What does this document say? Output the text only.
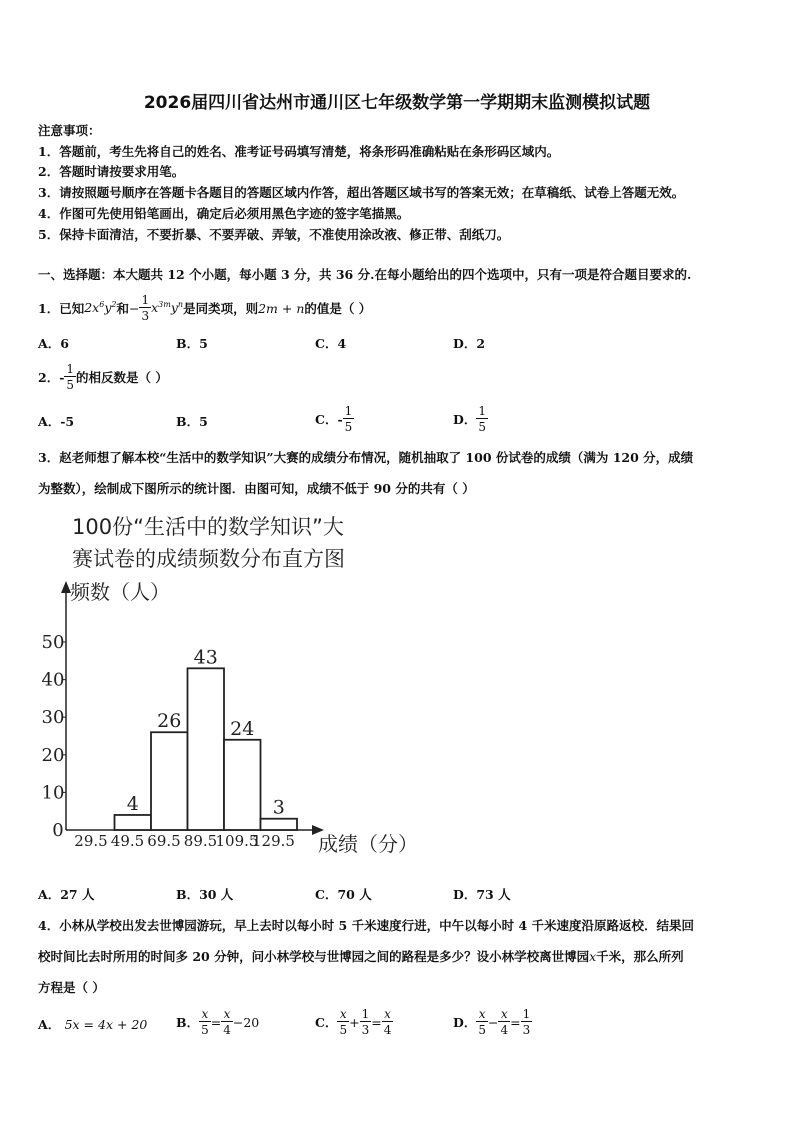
2026届四川省达州市通川区七年级数学第一学期期末监测模拟试题
注意事项：
1．答题前，考生先将自己的姓名、准考证号码填写清楚，将条形码准确粘贴在条形码区域内。
2．答题时请按要求用笔。
3．请按照题号顺序在答题卡各题目的答题区域内作答，超出答题区域书写的答案无效；在草稿纸、试卷上答题无效。
4．作图可先使用铅笔画出，确定后必须用黑色字迹的签字笔描黑。
5．保持卡面清洁，不要折暴、不要弄破、弄皱，不准使用涂改液、修正带、刮纸刀。
一、选择题：本大题共 12 个小题，每小题 3 分，共 36 分.在每小题给出的四个选项中，只有一项是符合题目要求的.
1．已知 $2x^6y^2$ 和 − $\frac{1}{3} x^{3m}y^n$ 是同类项，则 2m + n 的值是（ ）
A．6	B．5	C．4	D．2
2．- $\frac{1}{5}$ 的相反数是（ ）
A．-5	B．5	C．- $\frac{1}{5}$	D． $\frac{1}{5}$
3．赵老师想了解本校“生活中的数学知识”大赛的成绩分布情况，随机抽取了 100 份试卷的成绩（满为 120 分，成绩
为整数），绘制成下图所示的统计图．由图可知，成绩不低于 90 分的共有（ ）
100份“生活中的数学知识”大
赛试卷的成绩频数分布直方图
频数（人）
成绩（分）
0
10
20
30
40
50
29.5 49.5 69.5 89.5
109.5
129.5
4
26
43
24
3
A．27 人	B．30 人	C．70 人	D．73 人
4．小林从学校出发去世博园游玩，早上去时以每小时 5 千米速度行进，中午以每小时 4 千米速度沿原路返校．结果回
校时间比去时所用的时间多 20 分钟，问小林学校与世博园之间的路程是多少？设小林学校离世博园x千米，那么所列
方程是（ ）
A． 5x = 4x + 20 B． $\frac{x}{5} = \frac{x}{4} -20$	C． $\frac{x}{5} + \frac{1}{3} = \frac{x}{4}$	D． $\frac{x}{5} - \frac{x}{4} = \frac{1}{3}$
